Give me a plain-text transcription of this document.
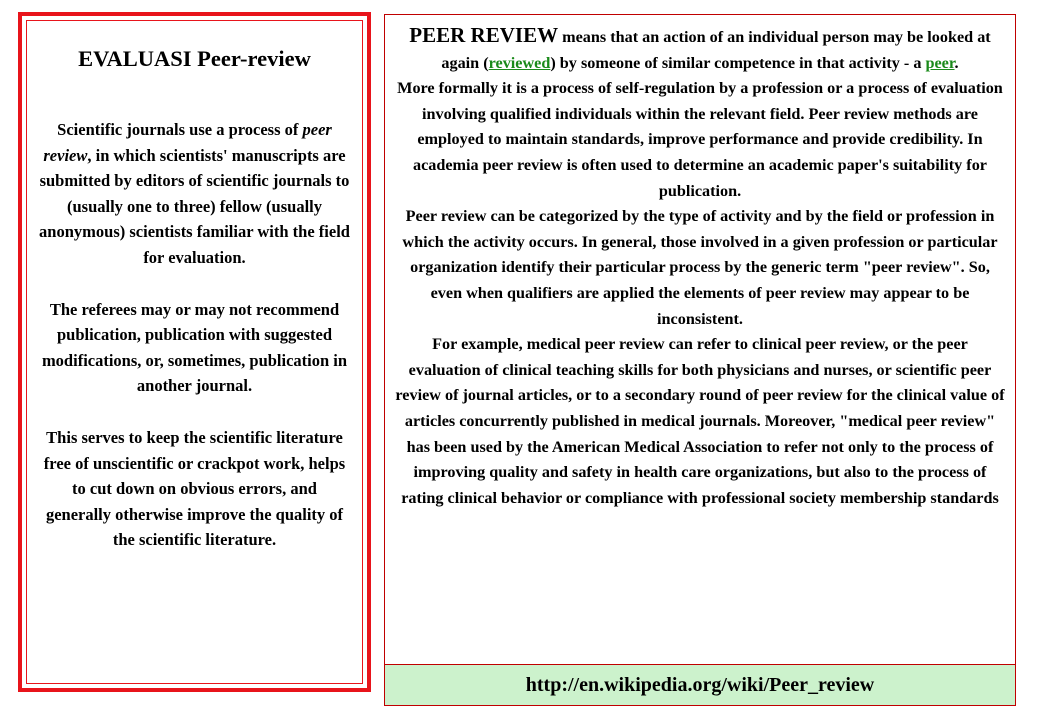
EVALUASI Peer-review

Scientific journals use a process of peer review, in which scientists' manuscripts are submitted by editors of scientific journals to (usually one to three) fellow (usually anonymous) scientists familiar with the field for evaluation.

The referees may or may not recommend publication, publication with suggested modifications, or, sometimes, publication in another journal.

This serves to keep the scientific literature free of unscientific or crackpot work, helps to cut down on obvious errors, and generally otherwise improve the quality of the scientific literature.

PEER REVIEW means that an action of an individual person may be looked at again (reviewed) by someone of similar competence in that activity - a peer.

More formally it is a process of self-regulation by a profession or a process of evaluation involving qualified individuals within the relevant field. Peer review methods are employed to maintain standards, improve performance and provide credibility. In academia peer review is often used to determine an academic paper's suitability for publication.

Peer review can be categorized by the type of activity and by the field or profession in which the activity occurs. In general, those involved in a given profession or particular organization identify their particular process by the generic term "peer review". So, even when qualifiers are applied the elements of peer review may appear to be inconsistent.

For example, medical peer review can refer to clinical peer review, or the peer evaluation of clinical teaching skills for both physicians and nurses, or scientific peer review of journal articles, or to a secondary round of peer review for the clinical value of articles concurrently published in medical journals. Moreover, "medical peer review" has been used by the American Medical Association to refer not only to the process of improving quality and safety in health care organizations, but also to the process of rating clinical behavior or compliance with professional society membership standards

http://en.wikipedia.org/wiki/Peer_review
